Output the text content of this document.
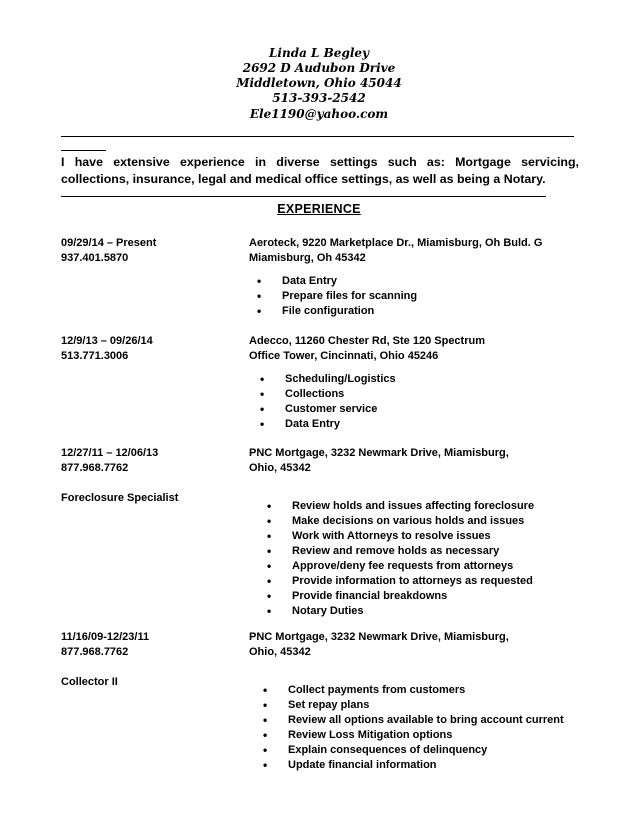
Linda L Begley
2692 D Audubon Drive
Middletown, Ohio 45044
513-393-2542
Ele1190@yahoo.com
I have extensive experience in diverse settings such as: Mortgage servicing, collections, insurance, legal and medical office settings, as well as being a Notary.
EXPERIENCE
09/29/14 – Present
937.401.5870
Aeroteck, 9220 Marketplace Dr., Miamisburg, Oh Buld. G
Miamisburg, Oh 45342
• Data Entry
• Prepare files for scanning
• File configuration
12/9/13 – 09/26/14
513.771.3006
Adecco, 11260 Chester Rd, Ste 120 Spectrum
Office Tower, Cincinnati, Ohio 45246
• Scheduling/Logistics
• Collections
• Customer service
• Data Entry
12/27/11 – 12/06/13
877.968.7762
PNC Mortgage, 3232 Newmark Drive, Miamisburg,
Ohio, 45342
Foreclosure Specialist
• Review holds and issues affecting foreclosure
• Make decisions on various holds and issues
• Work with Attorneys to resolve issues
• Review and remove holds as necessary
• Approve/deny fee requests from attorneys
• Provide information to attorneys as requested
• Provide financial breakdowns
• Notary Duties
11/16/09-12/23/11
877.968.7762
PNC Mortgage, 3232 Newmark Drive, Miamisburg,
Ohio, 45342
Collector II
• Collect payments from customers
• Set repay plans
• Review all options available to bring account current
• Review Loss Mitigation options
• Explain consequences of delinquency
• Update financial information
